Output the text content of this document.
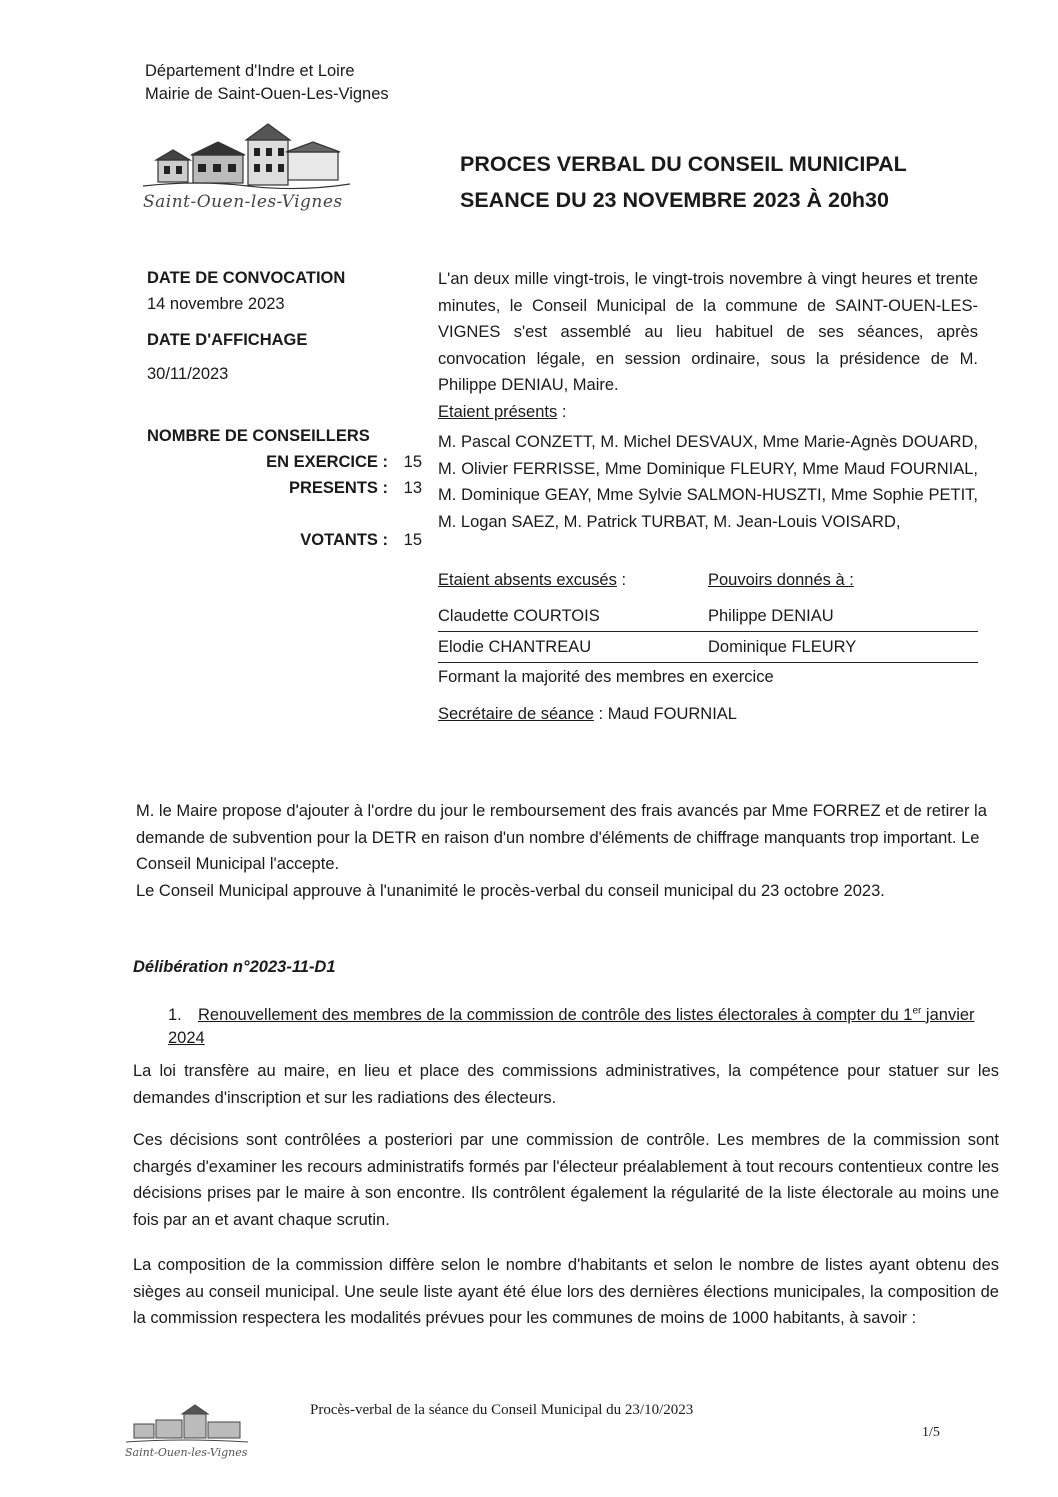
Département d'Indre et Loire
Mairie de Saint-Ouen-Les-Vignes
Saint-Ouen-les-Vignes
PROCES VERBAL DU CONSEIL MUNICIPAL
SEANCE DU 23 NOVEMBRE 2023 À 20h30
DATE DE CONVOCATION
14 novembre 2023
DATE D'AFFICHAGE
30/11/2023
NOMBRE DE CONSEILLERS
EN EXERCICE : 15
PRESENTS : 13
VOTANTS : 15
L'an deux mille vingt-trois, le vingt-trois novembre à vingt heures et trente minutes, le Conseil Municipal de la commune de SAINT-OUEN-LES-VIGNES s'est assemblé au lieu habituel de ses séances, après convocation légale, en session ordinaire, sous la présidence de M. Philippe DENIAU, Maire.
Etaient présents :
M. Pascal CONZETT, M. Michel DESVAUX, Mme Marie-Agnès DOUARD, M. Olivier FERRISSE, Mme Dominique FLEURY, Mme Maud FOURNIAL, M. Dominique GEAY, Mme Sylvie SALMON-HUSZTI, Mme Sophie PETIT, M. Logan SAEZ, M. Patrick TURBAT, M. Jean-Louis VOISARD,
Etaient absents excusés :	Pouvoirs donnés à :
Claudette COURTOIS	Philippe DENIAU
Elodie CHANTREAU	Dominique FLEURY
Formant la majorité des membres en exercice
Secrétaire de séance : Maud FOURNIAL
M. le Maire propose d'ajouter à l'ordre du jour le remboursement des frais avancés par Mme FORREZ et de retirer la demande de subvention pour la DETR en raison d'un nombre d'éléments de chiffrage manquants trop important. Le Conseil Municipal l'accepte.
Le Conseil Municipal approuve à l'unanimité le procès-verbal du conseil municipal du 23 octobre 2023.
Délibération n°2023-11-D1
1. Renouvellement des membres de la commission de contrôle des listes électorales à compter du 1er janvier 2024
La loi transfère au maire, en lieu et place des commissions administratives, la compétence pour statuer sur les demandes d'inscription et sur les radiations des électeurs.
Ces décisions sont contrôlées a posteriori par une commission de contrôle. Les membres de la commission sont chargés d'examiner les recours administratifs formés par l'électeur préalablement à tout recours contentieux contre les décisions prises par le maire à son encontre. Ils contrôlent également la régularité de la liste électorale au moins une fois par an et avant chaque scrutin.
La composition de la commission diffère selon le nombre d'habitants et selon le nombre de listes ayant obtenu des sièges au conseil municipal. Une seule liste ayant été élue lors des dernières élections municipales, la composition de la commission respectera les modalités prévues pour les communes de moins de 1000 habitants, à savoir :
Saint-Ouen-les-Vignes
Procès-verbal de la séance du Conseil Municipal du 23/10/2023
1/5
